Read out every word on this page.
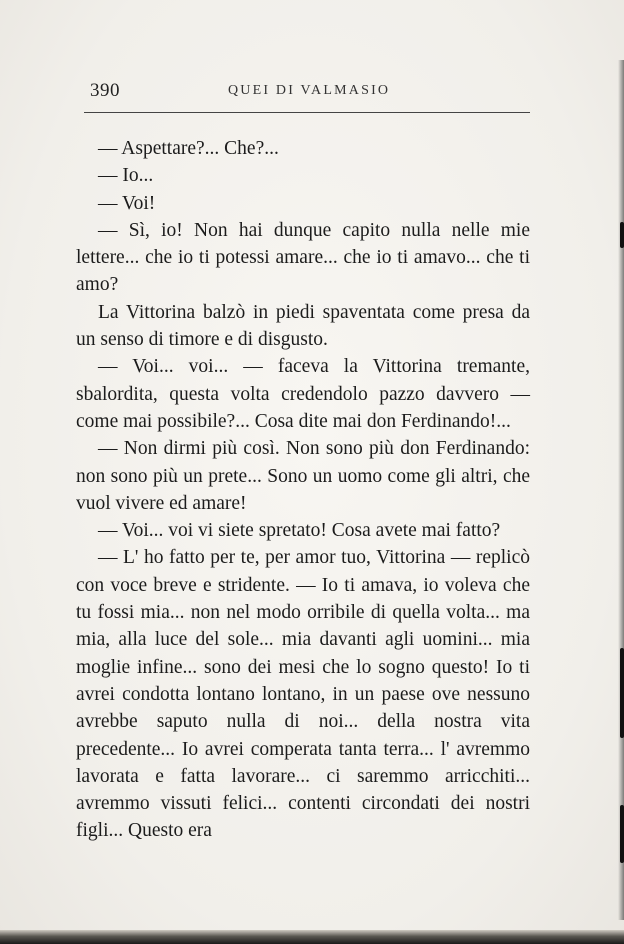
390	QUEI DI VALMASIO

— Aspettare?... Che?...

— Io...

— Voi!

— Sì, io! Non hai dunque capito nulla nelle mie lettere... che io ti potessi amare... che io ti amavo... che ti amo?

La Vittorina balzò in piedi spaventata come presa da un senso di timore e di disgusto.

— Voi... voi... — faceva la Vittorina tremante, sbalordita, questa volta credendolo pazzo davvero — come mai possibile?... Cosa dite mai don Ferdinando!...

— Non dirmi più così. Non sono più don Ferdinando: non sono più un prete... Sono un uomo come gli altri, che vuol vivere ed amare!

— Voi... voi vi siete spretato! Cosa avete mai fatto?

— L' ho fatto per te, per amor tuo, Vittorina — replicò con voce breve e stridente. — Io ti amava, io voleva che tu fossi mia... non nel modo orribile di quella volta... ma mia, alla luce del sole... mia davanti agli uomini... mia moglie infine... sono dei mesi che lo sogno questo! Io ti avrei condotta lontano lontano, in un paese ove nessuno avrebbe saputo nulla di noi... della nostra vita precedente... Io avrei comperata tanta terra... l' avremmo lavorata e fatta lavorare... ci saremmo arricchiti... avremmo vissuti felici... contenti circondati dei nostri figli... Questo era
